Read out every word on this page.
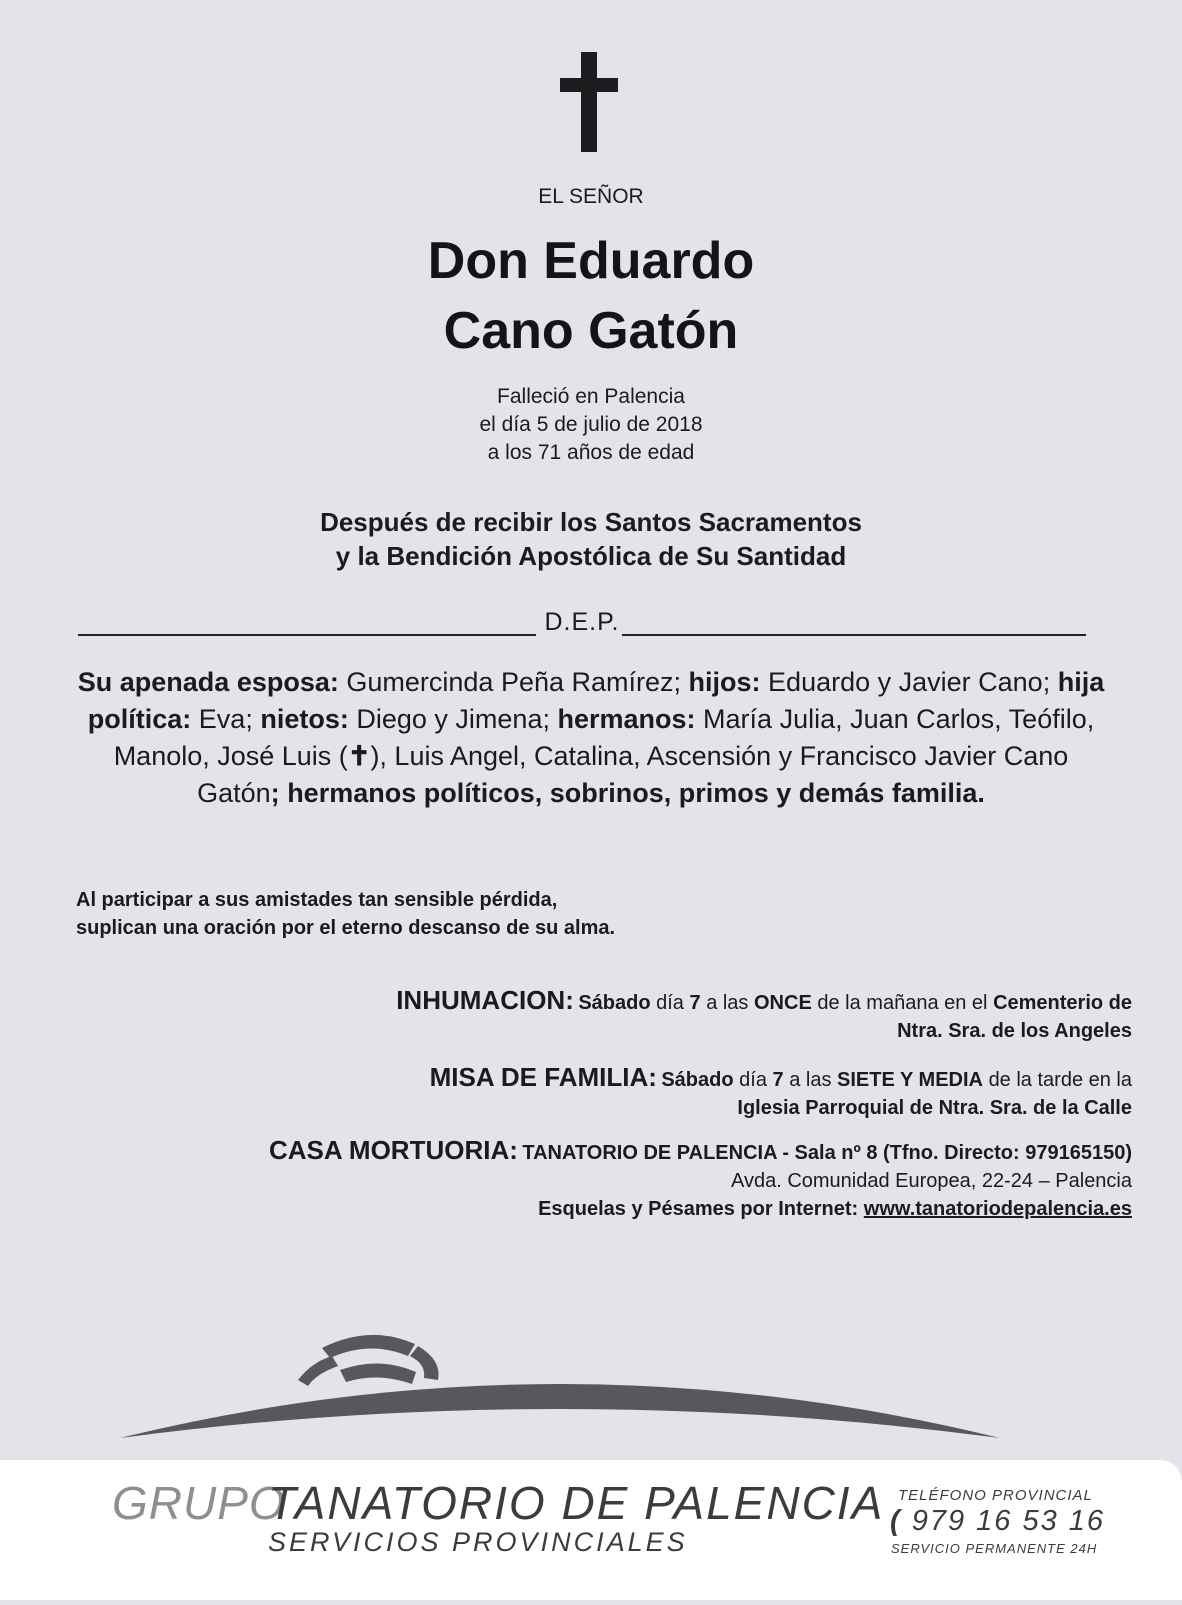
EL SEÑOR
Don Eduardo
Cano Gatón
Falleció en Palencia
el día 5 de julio de 2018
a los 71 años de edad
Después de recibir los Santos Sacramentos
y la Bendición Apostólica de Su Santidad
D.E.P.
Su apenada esposa: Gumercinda Peña Ramírez; hijos: Eduardo y Javier Cano; hija política: Eva; nietos: Diego y Jimena; hermanos: María Julia, Juan Carlos, Teófilo, Manolo, José Luis (✝), Luis Angel, Catalina, Ascensión y Francisco Javier Cano Gatón; hermanos políticos, sobrinos, primos y demás familia.
Al participar a sus amistades tan sensible pérdida,
suplican una oración por el eterno descanso de su alma.
INHUMACION: Sábado día 7 a las ONCE de la mañana en el Cementerio de
Ntra. Sra. de los Angeles
MISA DE FAMILIA: Sábado día 7 a las SIETE Y MEDIA de la tarde en la
Iglesia Parroquial de Ntra. Sra. de la Calle
CASA MORTUORIA: TANATORIO DE PALENCIA - Sala nº 8 (Tfno. Directo: 979165150)
Avda. Comunidad Europea, 22-24 – Palencia
Esquelas y Pésames por Internet: www.tanatoriodepalencia.es
GRUPO
TANATORIO DE PALENCIA
SERVICIOS PROVINCIALES
TELÉFONO PROVINCIAL
( 979 16 53 16
SERVICIO PERMANENTE 24H
